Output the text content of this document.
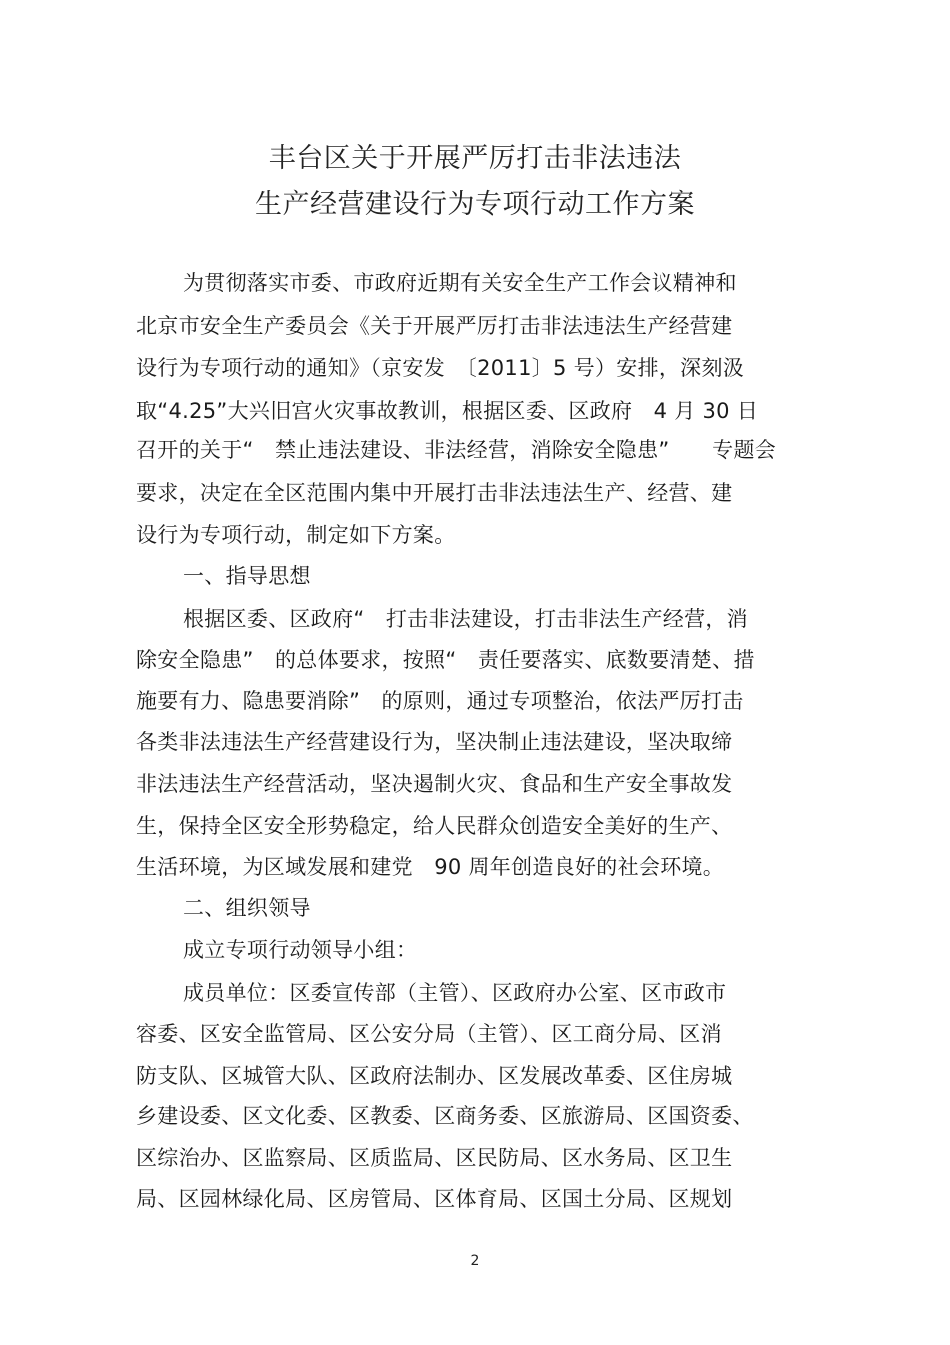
丰台区关于开展严厉打击非法违法
生产经营建设行为专项行动工作方案
为贯彻落实市委、市政府近期有关安全生产工作会议精神和
北京市安全生产委员会《关于开展严厉打击非法违法生产经营建
设行为专项行动的通知》（京安发　〔2011〕5 号）安排，深刻汲
取“4.25”大兴旧宫火灾事故教训，根据区委、区政府　4 月 30 日
召开的关于“　禁止违法建设、非法经营，消除安全隐患”　　专题会
要求，决定在全区范围内集中开展打击非法违法生产、经营、建
设行为专项行动，制定如下方案。
一、指导思想
根据区委、区政府“　打击非法建设，打击非法生产经营，消
除安全隐患”　的总体要求，按照“　责任要落实、底数要清楚、措
施要有力、隐患要消除”　的原则，通过专项整治，依法严厉打击
各类非法违法生产经营建设行为，坚决制止违法建设，坚决取缔
非法违法生产经营活动，坚决遏制火灾、食品和生产安全事故发
生，保持全区安全形势稳定，给人民群众创造安全美好的生产、
生活环境，为区域发展和建党　90 周年创造良好的社会环境。
二、组织领导
成立专项行动领导小组：
成员单位：区委宣传部（主管）、区政府办公室、区市政市
容委、区安全监管局、区公安分局（主管）、区工商分局、区消
防支队、区城管大队、区政府法制办、区发展改革委、区住房城
乡建设委、区文化委、区教委、区商务委、区旅游局、区国资委、
区综治办、区监察局、区质监局、区民防局、区水务局、区卫生
局、区园林绿化局、区房管局、区体育局、区国土分局、区规划
2
